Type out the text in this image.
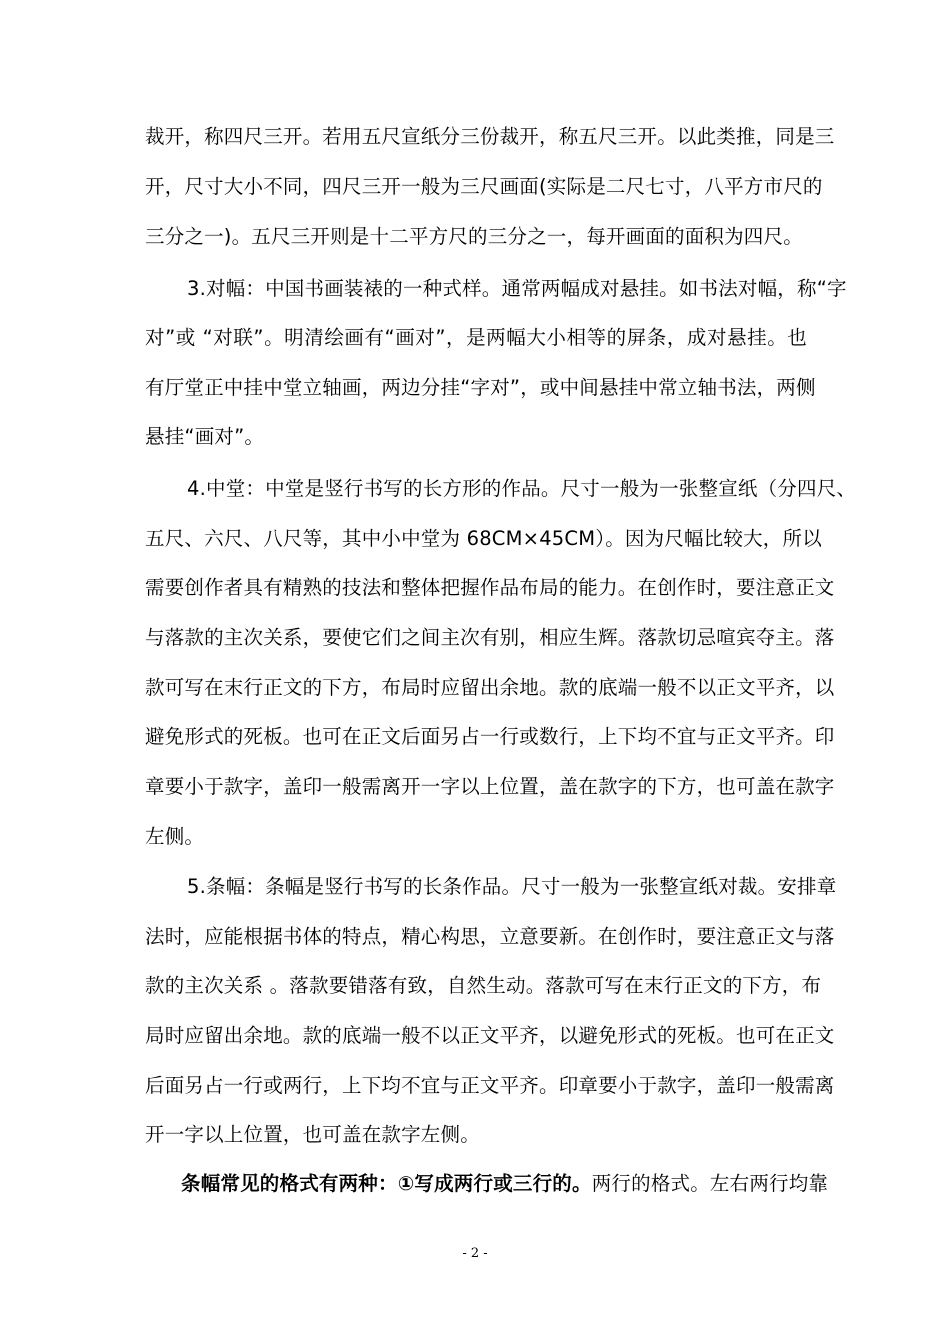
裁开，称四尺三开。若用五尺宣纸分三份裁开，称五尺三开。以此类推，同是三
开，尺寸大小不同，四尺三开一般为三尺画面(实际是二尺七寸，八平方市尺的
三分之一)。五尺三开则是十二平方尺的三分之一，每开画面的面积为四尺。
3.对幅：中国书画装裱的一种式样。通常两幅成对悬挂。如书法对幅，称“字
对”或 “对联”。明清绘画有“画对”，是两幅大小相等的屏条，成对悬挂。也
有厅堂正中挂中堂立轴画，两边分挂“字对”，或中间悬挂中常立轴书法，两侧
悬挂“画对”。
4.中堂：中堂是竖行书写的长方形的作品。尺寸一般为一张整宣纸（分四尺、
五尺、六尺、八尺等，其中小中堂为 68CM×45CM）。因为尺幅比较大，所以
需要创作者具有精熟的技法和整体把握作品布局的能力。在创作时，要注意正文
与落款的主次关系，要使它们之间主次有别，相应生辉。落款切忌喧宾夺主。落
款可写在末行正文的下方，布局时应留出余地。款的底端一般不以正文平齐，以
避免形式的死板。也可在正文后面另占一行或数行，上下均不宜与正文平齐。印
章要小于款字，盖印一般需离开一字以上位置，盖在款字的下方，也可盖在款字
左侧。
5.条幅：条幅是竖行书写的长条作品。尺寸一般为一张整宣纸对裁。安排章
法时，应能根据书体的特点，精心构思，立意要新。在创作时，要注意正文与落
款的主次关系 。落款要错落有致，自然生动。落款可写在末行正文的下方，布
局时应留出余地。款的底端一般不以正文平齐，以避免形式的死板。也可在正文
后面另占一行或两行，上下均不宜与正文平齐。印章要小于款字，盖印一般需离
开一字以上位置，也可盖在款字左侧。
条幅常见的格式有两种：①写成两行或三行的。两行的格式。左右两行均靠
- 2 -
